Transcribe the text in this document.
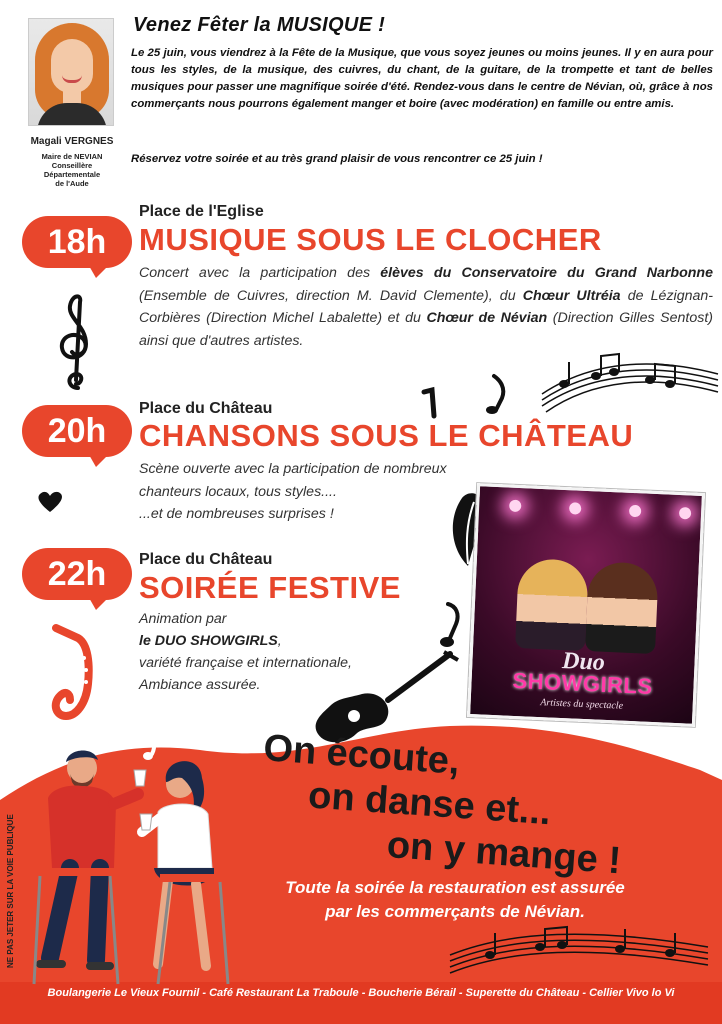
Magali VERGNES
Maire de NEVIAN
Conseillère
Départementale
de l'Aude
Venez Fêter la MUSIQUE !
Le 25 juin, vous viendrez à la Fête de la Musique, que vous soyez jeunes ou moins jeunes. Il y en aura pour tous les styles, de la musique, des cuivres, du chant, de la guitare, de la trompette et tant de belles musiques pour passer une magnifique soirée d'été. Rendez-vous dans le centre de Névian, où, grâce à nos commerçants nous pourrons également manger et boire (avec modération) en famille ou entre amis.
Réservez votre soirée et au très grand plaisir de vous rencontrer ce 25 juin !
18h
Place de l'Eglise
MUSIQUE SOUS LE CLOCHER
Concert avec la participation des élèves du Conservatoire du Grand Narbonne (Ensemble de Cuivres, direction M. David Clemente), du Chœur Ultréia de Lézignan-Corbières (Direction Michel Labalette) et du Chœur de Névian (Direction Gilles Sentost) ainsi que d'autres artistes.
20h
Place du Château
CHANSONS SOUS LE CHÂTEAU
Scène ouverte avec la participation de nombreux chanteurs locaux, tous styles....
...et de nombreuses surprises !
22h	Place du Château
SOIRÉE FESTIVE
Animation par
le DUO SHOWGIRLS,
variété française et internationale,
Ambiance assurée.
Duo
SHOWGIRLS
Artistes du spectacle
On écoute,
on danse et...
on y mange !
Toute la soirée la restauration est assurée
par les commerçants de Névian.
Boulangerie Le Vieux Fournil - Café Restaurant La Traboule - Boucherie Bérail - Superette du Château - Cellier Vivo lo Vi
NE PAS JETER SUR LA VOIE PUBLIQUE
